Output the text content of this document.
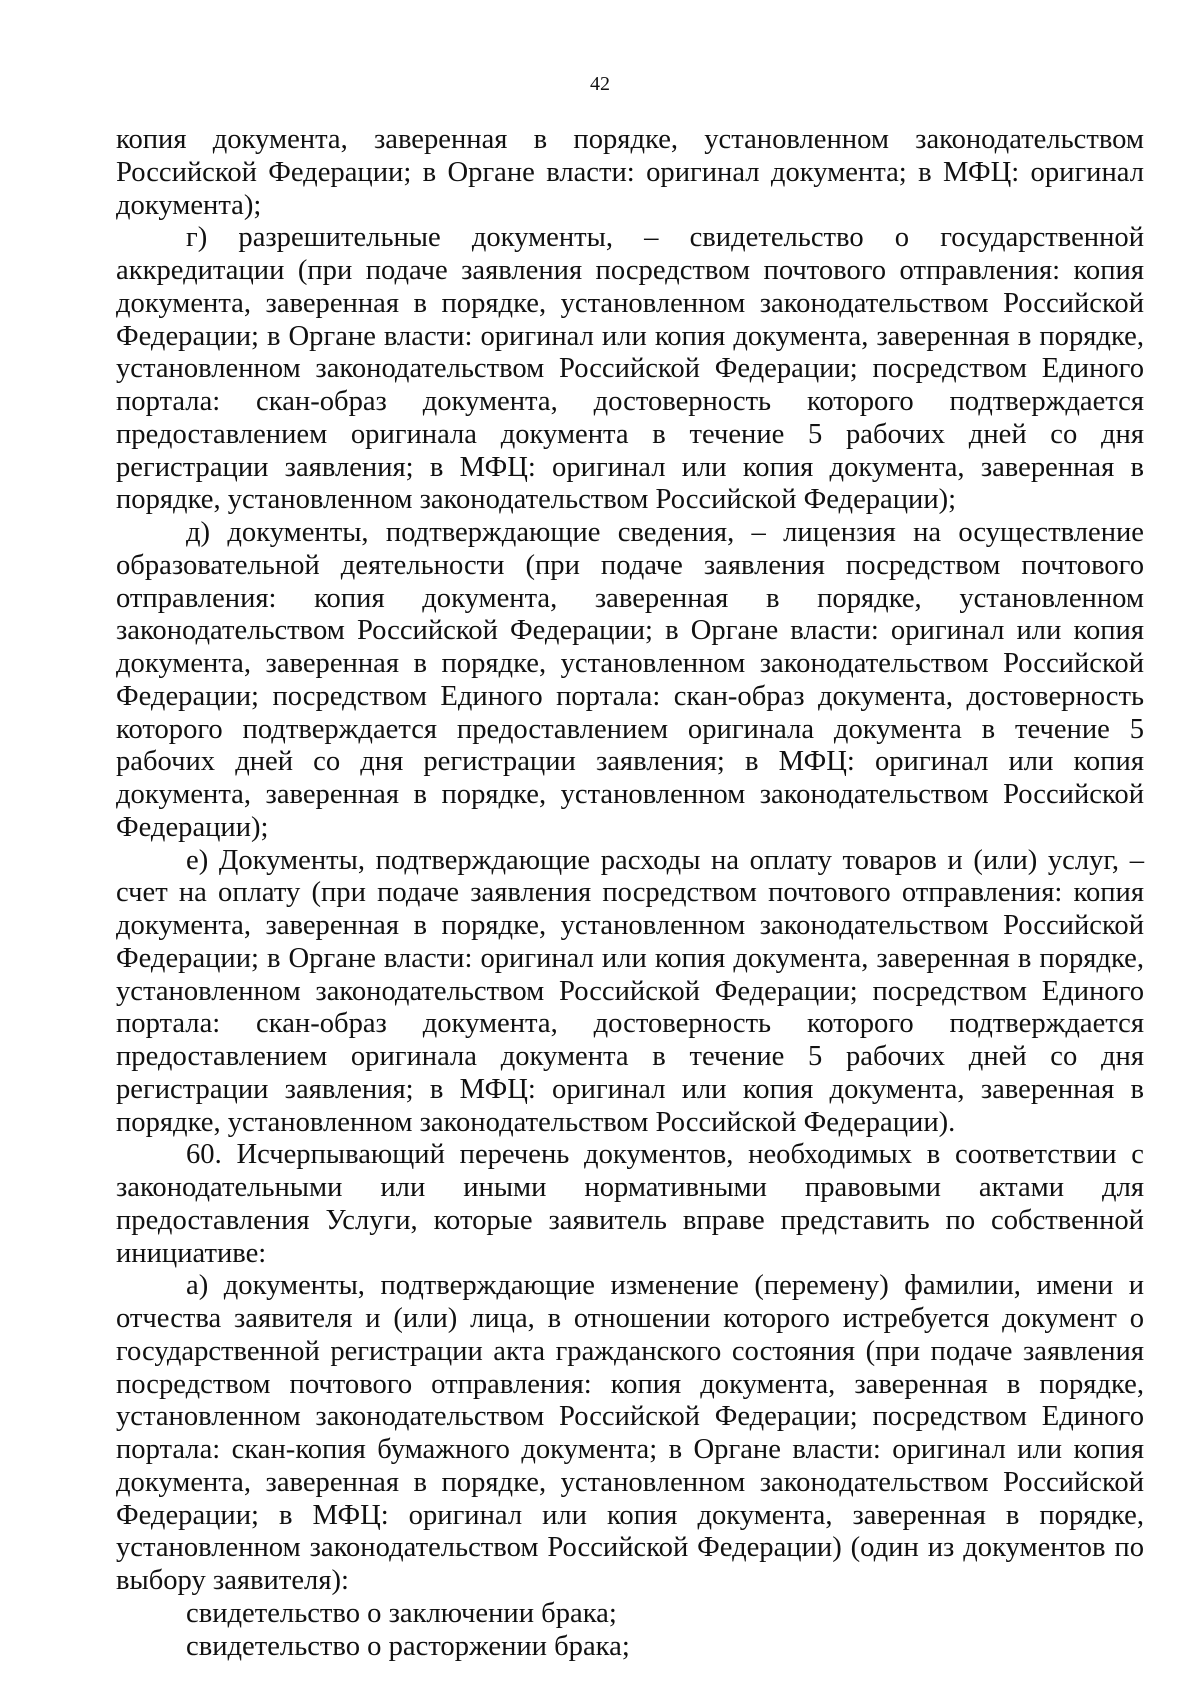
42

копия документа, заверенная в порядке, установленном законодательством Российской Федерации; в Органе власти: оригинал документа; в МФЦ: оригинал документа);

г) разрешительные документы, – свидетельство о государственной аккредитации (при подаче заявления посредством почтового отправления: копия документа, заверенная в порядке, установленном законодательством Российской Федерации; в Органе власти: оригинал или копия документа, заверенная в порядке, установленном законодательством Российской Федерации; посредством Единого портала: скан-образ документа, достоверность которого подтверждается предоставлением оригинала документа в течение 5 рабочих дней со дня регистрации заявления; в МФЦ: оригинал или копия документа, заверенная в порядке, установленном законодательством Российской Федерации);

д) документы, подтверждающие сведения, – лицензия на осуществление образовательной деятельности (при подаче заявления посредством почтового отправления: копия документа, заверенная в порядке, установленном законодательством Российской Федерации; в Органе власти: оригинал или копия документа, заверенная в порядке, установленном законодательством Российской Федерации; посредством Единого портала: скан-образ документа, достоверность которого подтверждается предоставлением оригинала документа в течение 5 рабочих дней со дня регистрации заявления; в МФЦ: оригинал или копия документа, заверенная в порядке, установленном законодательством Российской Федерации);

е) Документы, подтверждающие расходы на оплату товаров и (или) услуг, – счет на оплату (при подаче заявления посредством почтового отправления: копия документа, заверенная в порядке, установленном законодательством Российской Федерации; в Органе власти: оригинал или копия документа, заверенная в порядке, установленном законодательством Российской Федерации; посредством Единого портала: скан-образ документа, достоверность которого подтверждается предоставлением оригинала документа в течение 5 рабочих дней со дня регистрации заявления; в МФЦ: оригинал или копия документа, заверенная в порядке, установленном законодательством Российской Федерации).

60. Исчерпывающий перечень документов, необходимых в соответствии с законодательными или иными нормативными правовыми актами для предоставления Услуги, которые заявитель вправе представить по собственной инициативе:

а) документы, подтверждающие изменение (перемену) фамилии, имени и отчества заявителя и (или) лица, в отношении которого истребуется документ о государственной регистрации акта гражданского состояния (при подаче заявления посредством почтового отправления: копия документа, заверенная в порядке, установленном законодательством Российской Федерации; посредством Единого портала: скан-копия бумажного документа; в Органе власти: оригинал или копия документа, заверенная в порядке, установленном законодательством Российской Федерации; в МФЦ: оригинал или копия документа, заверенная в порядке, установленном законодательством Российской Федерации) (один из документов по выбору заявителя):

свидетельство о заключении брака;

свидетельство о расторжении брака;
